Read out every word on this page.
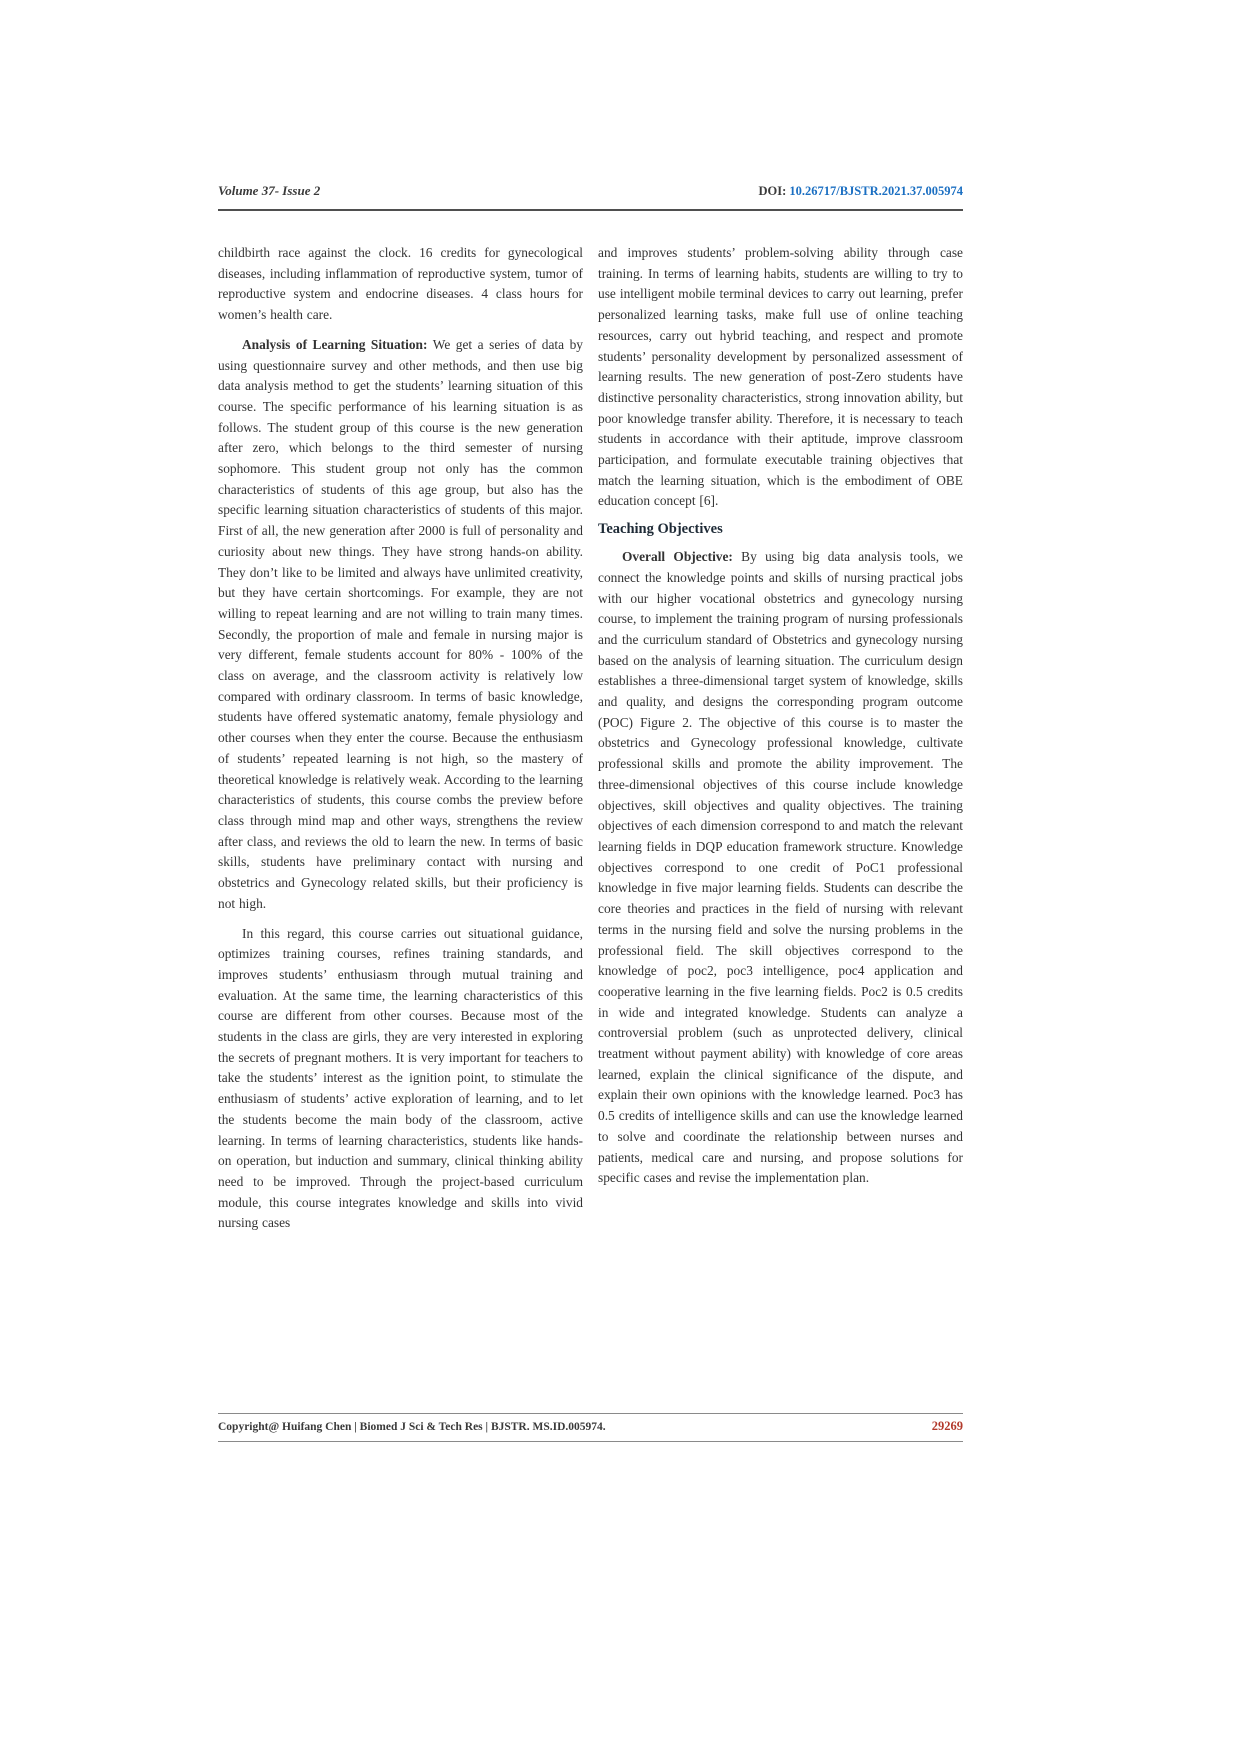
Volume 37- Issue 2	DOI: 10.26717/BJSTR.2021.37.005974

childbirth race against the clock. 16 credits for gynecological diseases, including inflammation of reproductive system, tumor of reproductive system and endocrine diseases. 4 class hours for women’s health care.

Analysis of Learning Situation: We get a series of data by using questionnaire survey and other methods, and then use big data analysis method to get the students’ learning situation of this course. The specific performance of his learning situation is as follows. The student group of this course is the new generation after zero, which belongs to the third semester of nursing sophomore. This student group not only has the common characteristics of students of this age group, but also has the specific learning situation characteristics of students of this major. First of all, the new generation after 2000 is full of personality and curiosity about new things. They have strong hands-on ability. They don’t like to be limited and always have unlimited creativity, but they have certain shortcomings. For example, they are not willing to repeat learning and are not willing to train many times. Secondly, the proportion of male and female in nursing major is very different, female students account for 80% - 100% of the class on average, and the classroom activity is relatively low compared with ordinary classroom. In terms of basic knowledge, students have offered systematic anatomy, female physiology and other courses when they enter the course. Because the enthusiasm of students’ repeated learning is not high, so the mastery of theoretical knowledge is relatively weak. According to the learning characteristics of students, this course combs the preview before class through mind map and other ways, strengthens the review after class, and reviews the old to learn the new. In terms of basic skills, students have preliminary contact with nursing and obstetrics and Gynecology related skills, but their proficiency is not high.

In this regard, this course carries out situational guidance, optimizes training courses, refines training standards, and improves students’ enthusiasm through mutual training and evaluation. At the same time, the learning characteristics of this course are different from other courses. Because most of the students in the class are girls, they are very interested in exploring the secrets of pregnant mothers. It is very important for teachers to take the students’ interest as the ignition point, to stimulate the enthusiasm of students’ active exploration of learning, and to let the students become the main body of the classroom, active learning. In terms of learning characteristics, students like hands-on operation, but induction and summary, clinical thinking ability need to be improved. Through the project-based curriculum module, this course integrates knowledge and skills into vivid nursing cases

and improves students’ problem-solving ability through case training. In terms of learning habits, students are willing to try to use intelligent mobile terminal devices to carry out learning, prefer personalized learning tasks, make full use of online teaching resources, carry out hybrid teaching, and respect and promote students’ personality development by personalized assessment of learning results. The new generation of post-Zero students have distinctive personality characteristics, strong innovation ability, but poor knowledge transfer ability. Therefore, it is necessary to teach students in accordance with their aptitude, improve classroom participation, and formulate executable training objectives that match the learning situation, which is the embodiment of OBE education concept [6].

Teaching Objectives

Overall Objective: By using big data analysis tools, we connect the knowledge points and skills of nursing practical jobs with our higher vocational obstetrics and gynecology nursing course, to implement the training program of nursing professionals and the curriculum standard of Obstetrics and gynecology nursing based on the analysis of learning situation. The curriculum design establishes a three-dimensional target system of knowledge, skills and quality, and designs the corresponding program outcome (POC) Figure 2. The objective of this course is to master the obstetrics and Gynecology professional knowledge, cultivate professional skills and promote the ability improvement. The three-dimensional objectives of this course include knowledge objectives, skill objectives and quality objectives. The training objectives of each dimension correspond to and match the relevant learning fields in DQP education framework structure. Knowledge objectives correspond to one credit of PoC1 professional knowledge in five major learning fields. Students can describe the core theories and practices in the field of nursing with relevant terms in the nursing field and solve the nursing problems in the professional field. The skill objectives correspond to the knowledge of poc2, poc3 intelligence, poc4 application and cooperative learning in the five learning fields. Poc2 is 0.5 credits in wide and integrated knowledge. Students can analyze a controversial problem (such as unprotected delivery, clinical treatment without payment ability) with knowledge of core areas learned, explain the clinical significance of the dispute, and explain their own opinions with the knowledge learned. Poc3 has 0.5 credits of intelligence skills and can use the knowledge learned to solve and coordinate the relationship between nurses and patients, medical care and nursing, and propose solutions for specific cases and revise the implementation plan.

Copyright@ Huifang Chen | Biomed J Sci & Tech Res | BJSTR. MS.ID.005974.	29269
